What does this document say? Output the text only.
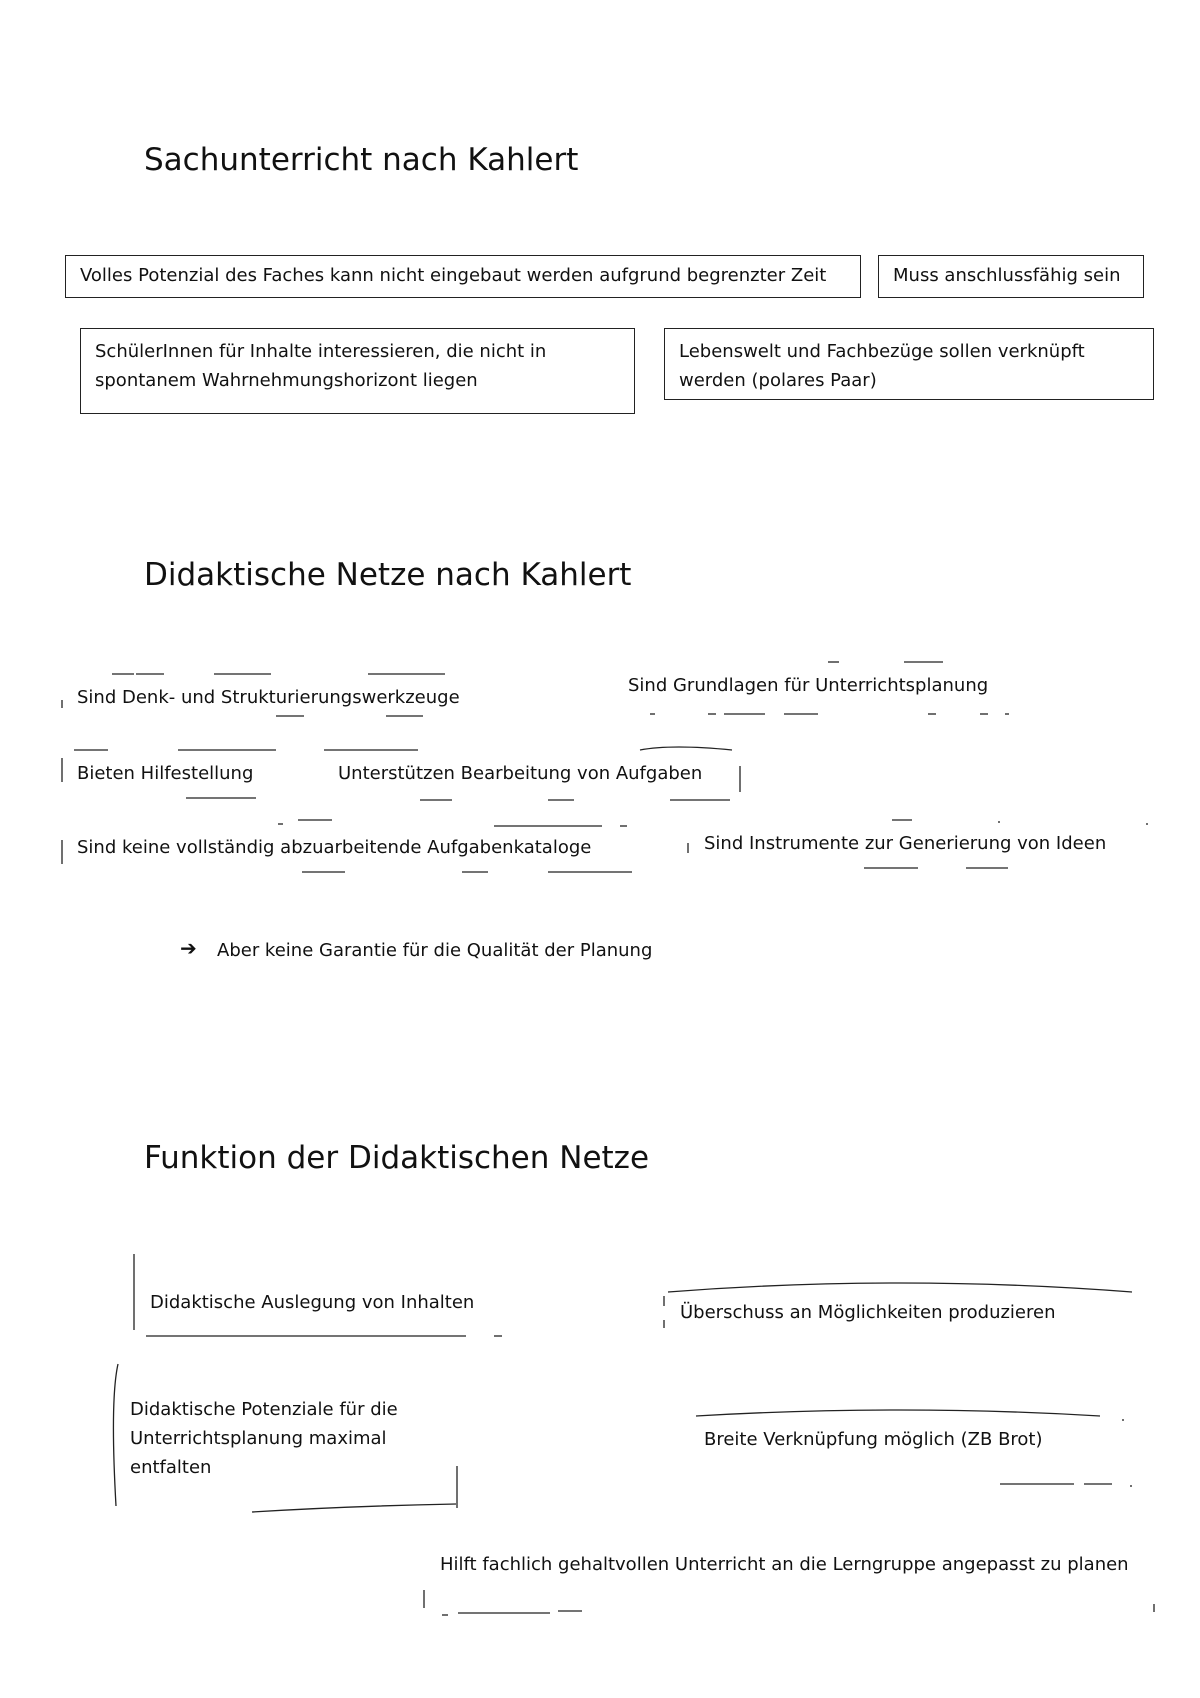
Sachunterricht nach Kahlert
Volles Potenzial des Faches kann nicht eingebaut werden aufgrund begrenzter Zeit	Muss anschlussfähig sein
SchülerInnen für Inhalte interessieren, die nicht in spontanem Wahrnehmungshorizont liegen
Lebenswelt und Fachbezüge sollen verknüpft werden (polares Paar)
Didaktische Netze nach Kahlert
Sind Denk- und Strukturierungswerkzeuge
Sind Grundlagen für Unterrichtsplanung
Bieten Hilfestellung	Unterstützen Bearbeitung von Aufgaben
Sind keine vollständig abzuarbeitende Aufgabenkataloge	Sind Instrumente zur Generierung von Ideen
➔ Aber keine Garantie für die Qualität der Planung
Funktion der Didaktischen Netze
Didaktische Auslegung von Inhalten	Überschuss an Möglichkeiten produzieren
Didaktische Potenziale für die Unterrichtsplanung maximal entfalten
Breite Verknüpfung möglich (ZB Brot)
Hilft fachlich gehaltvollen Unterricht an die Lerngruppe angepasst zu planen
